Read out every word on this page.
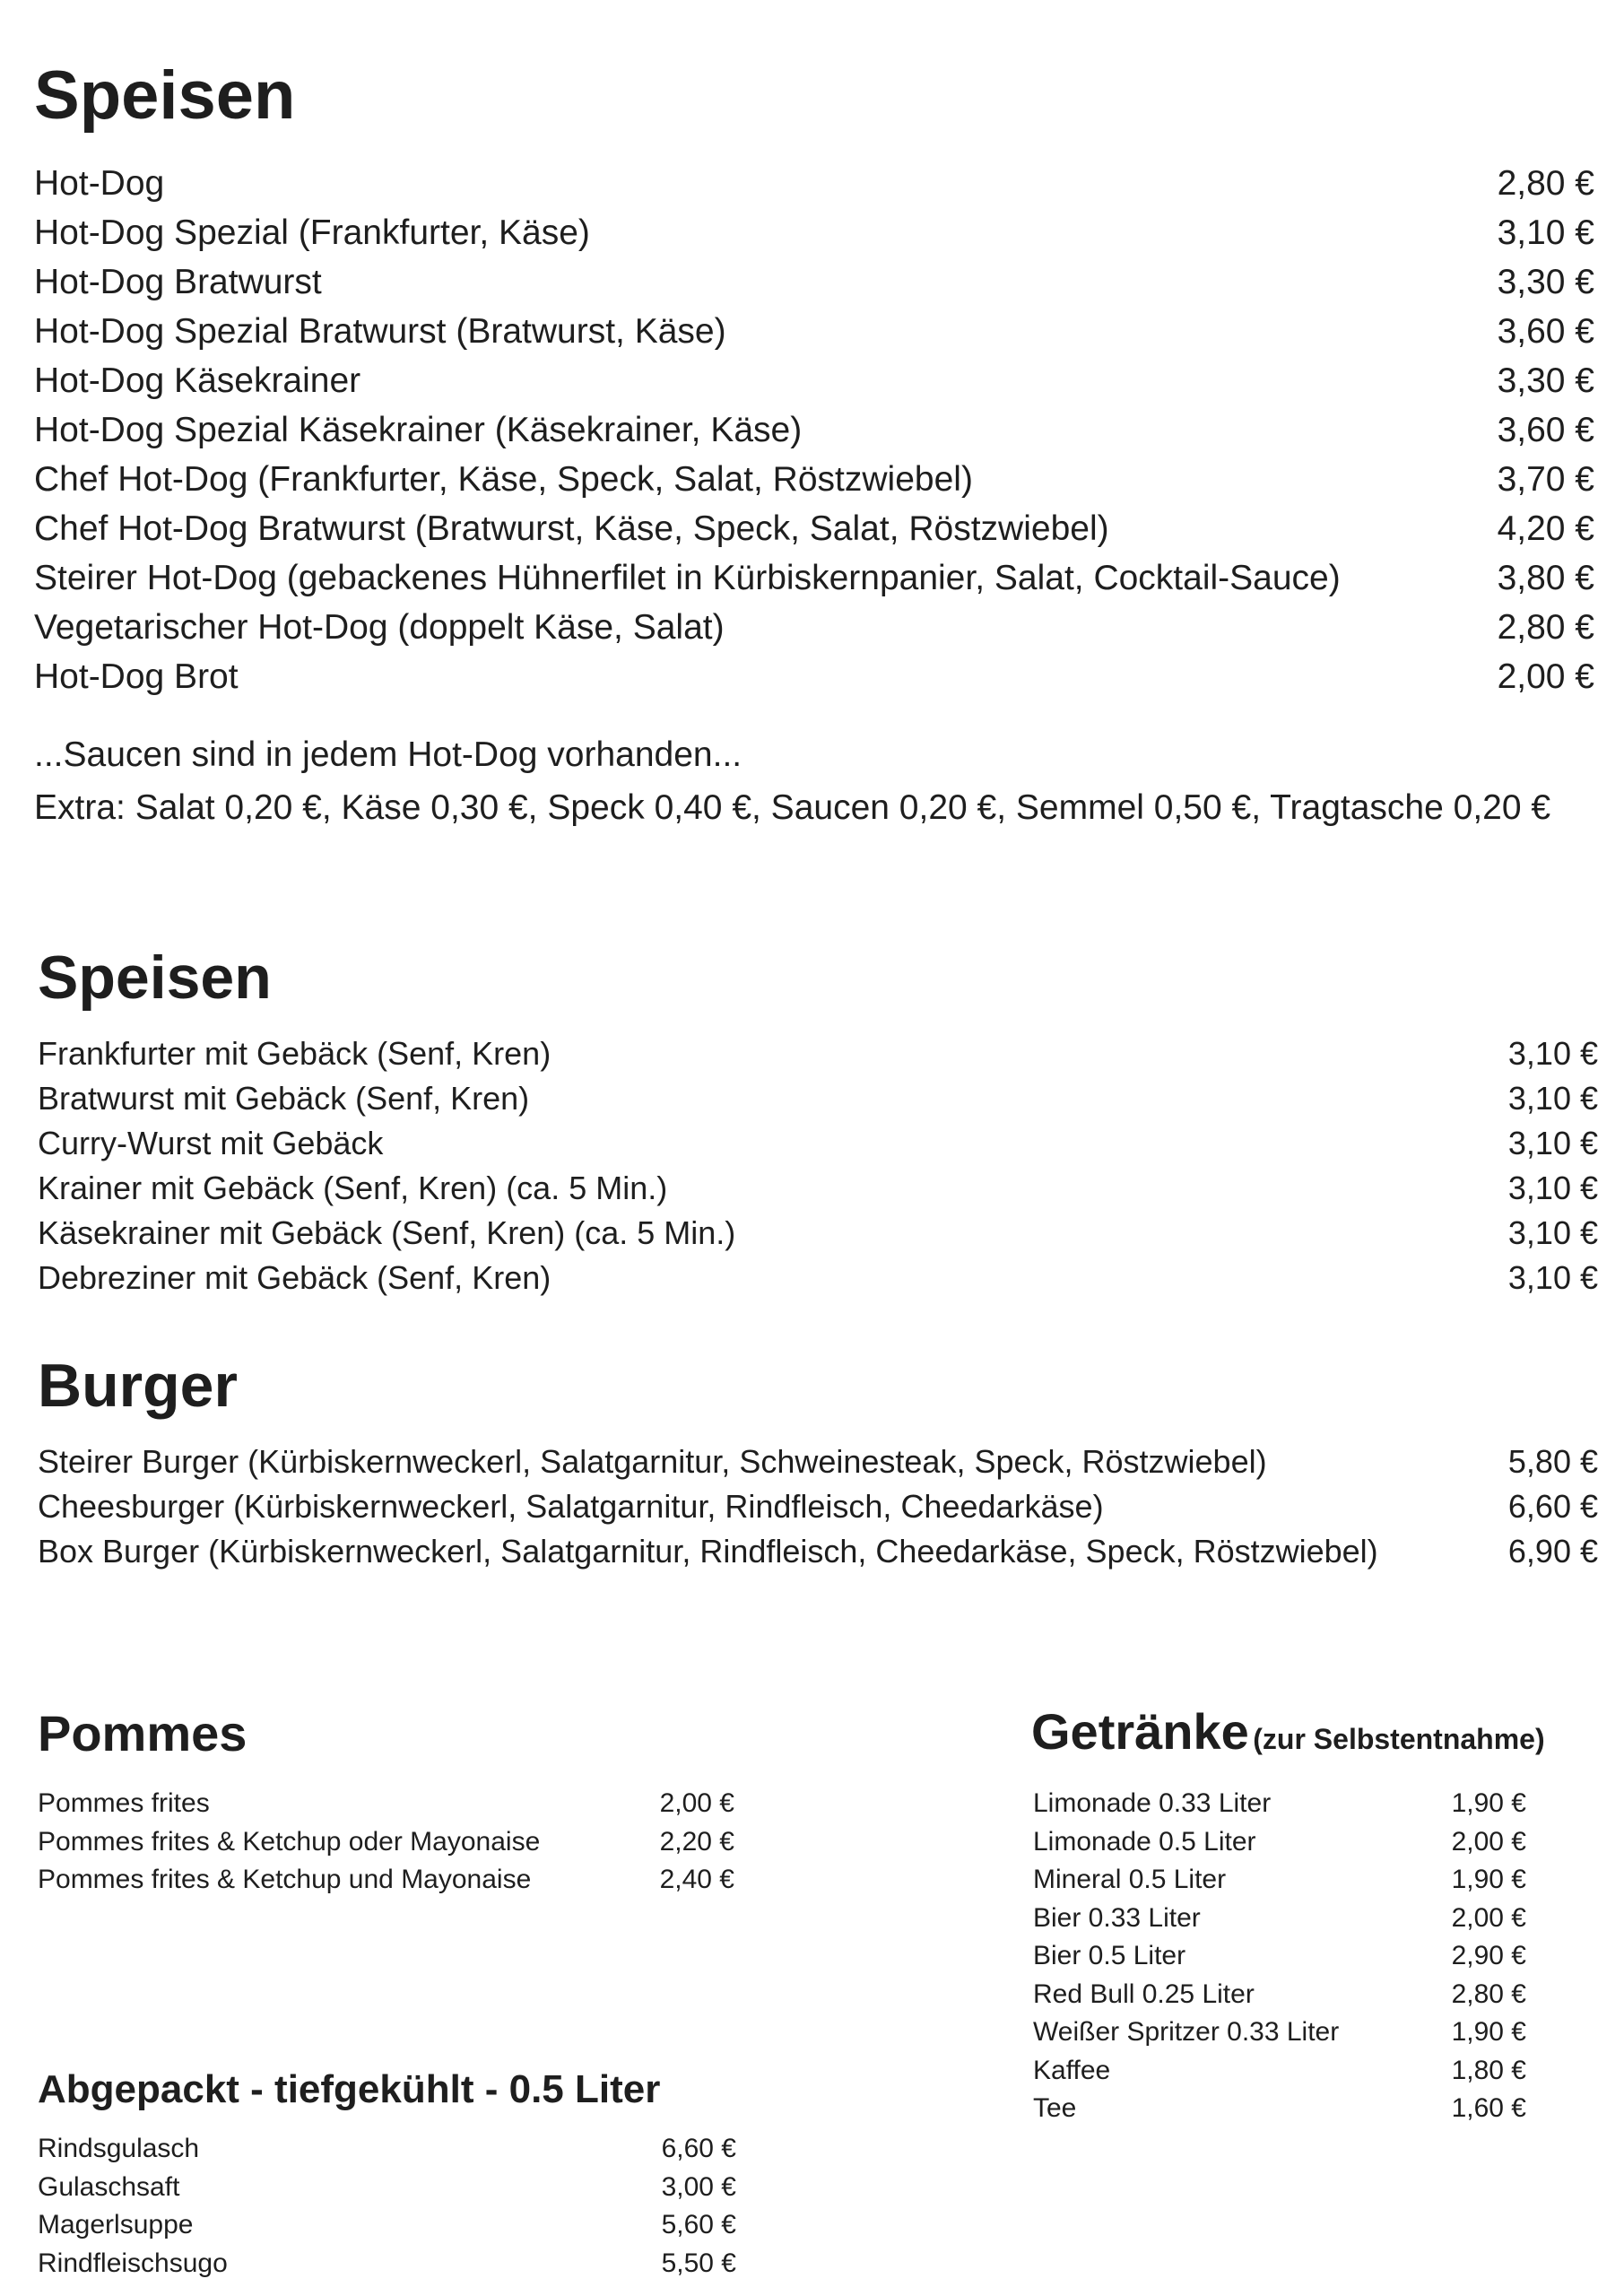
Speisen
Hot-Dog	2,80 €
Hot-Dog Spezial (Frankfurter, Käse)	3,10 €
Hot-Dog Bratwurst	3,30 €
Hot-Dog Spezial Bratwurst (Bratwurst, Käse)	3,60 €
Hot-Dog Käsekrainer	3,30 €
Hot-Dog Spezial Käsekrainer (Käsekrainer, Käse)	3,60 €
Chef Hot-Dog (Frankfurter, Käse, Speck, Salat, Röstzwiebel)	3,70 €
Chef Hot-Dog Bratwurst (Bratwurst, Käse, Speck, Salat, Röstzwiebel)	4,20 €
Steirer Hot-Dog (gebackenes Hühnerfilet in Kürbiskernpanier, Salat, Cocktail-Sauce)	3,80 €
Vegetarischer Hot-Dog (doppelt Käse, Salat)	2,80 €
Hot-Dog Brot	2,00 €
...Saucen sind in jedem Hot-Dog vorhanden...
Extra: Salat 0,20 €, Käse 0,30 €, Speck 0,40 €, Saucen 0,20 €, Semmel 0,50 €, Tragtasche 0,20 €
Speisen
Frankfurter mit Gebäck (Senf, Kren)	3,10 €
Bratwurst mit Gebäck (Senf, Kren)	3,10 €
Curry-Wurst mit Gebäck	3,10 €
Krainer mit Gebäck (Senf, Kren) (ca. 5 Min.)	3,10 €
Käsekrainer mit Gebäck (Senf, Kren) (ca. 5 Min.)	3,10 €
Debreziner mit Gebäck (Senf, Kren)	3,10 €
Burger
Steirer Burger (Kürbiskernweckerl, Salatgarnitur, Schweinesteak, Speck, Röstzwiebel)	5,80 €
Cheesburger (Kürbiskernweckerl, Salatgarnitur, Rindfleisch, Cheedarkäse)	6,60 €
Box Burger (Kürbiskernweckerl, Salatgarnitur, Rindfleisch, Cheedarkäse, Speck, Röstzwiebel)	6,90 €
Pommes
Pommes frites	2,00 €
Pommes frites & Ketchup oder Mayonaise	2,20 €
Pommes frites & Ketchup und Mayonaise	2,40 €
Abgepackt - tiefgekühlt - 0.5 Liter
Rindsgulasch	6,60 €
Gulaschsaft	3,00 €
Magerlsuppe	5,60 €
Rindfleischsugo	5,50 €
Getränke (zur Selbstentnahme)
Limonade 0.33 Liter	1,90 €
Limonade 0.5 Liter	2,00 €
Mineral 0.5 Liter	1,90 €
Bier 0.33 Liter	2,00 €
Bier 0.5 Liter	2,90 €
Red Bull 0.25 Liter	2,80 €
Weißer Spritzer 0.33 Liter	1,90 €
Kaffee	1,80 €
Tee	1,60 €
